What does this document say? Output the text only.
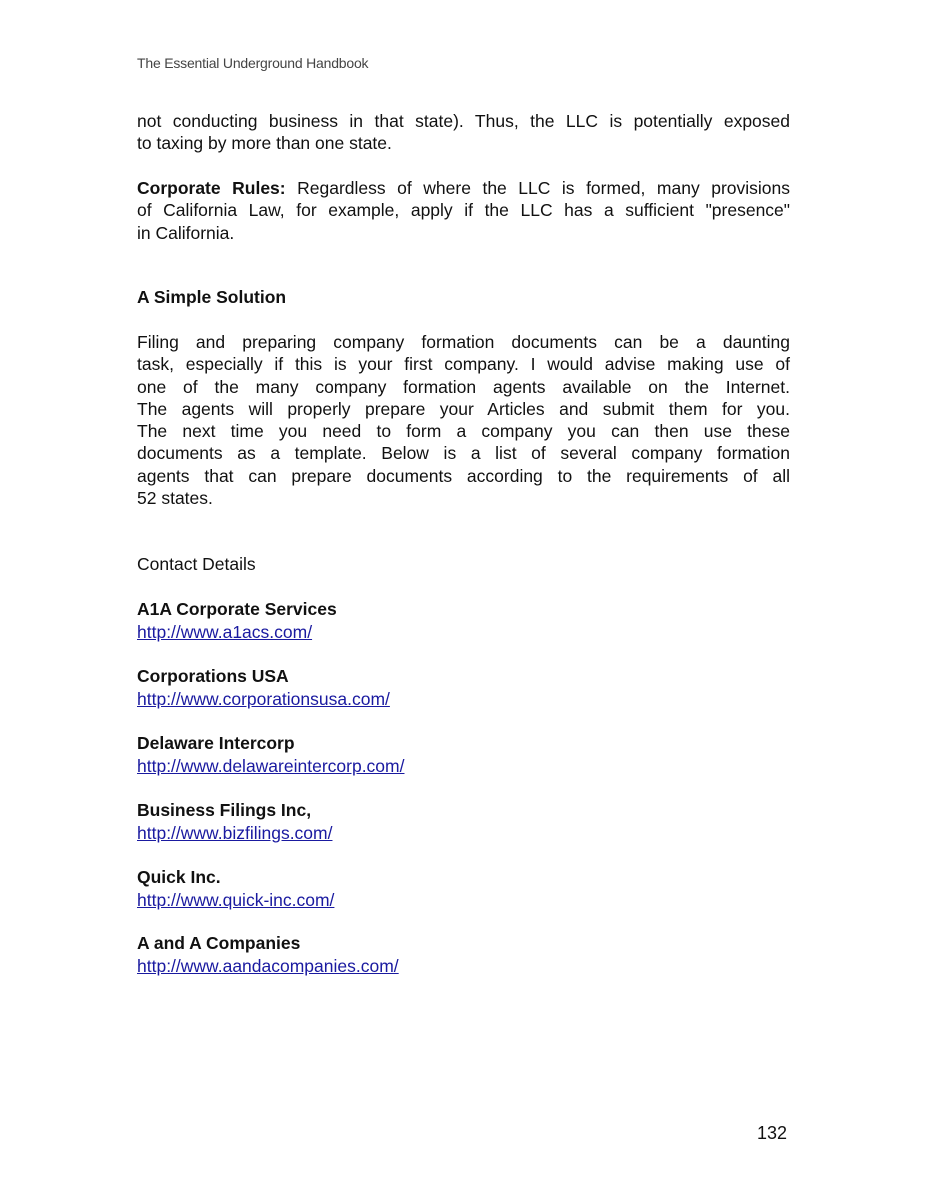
The Essential Underground Handbook
not conducting business in that state). Thus, the LLC is potentially exposed
to taxing by more than one state.
Corporate Rules: Regardless of where the LLC is formed, many provisions
of California Law, for example, apply if the LLC has a sufficient "presence"
in California.
A Simple Solution
Filing and preparing company formation documents can be a daunting
task, especially if this is your first company. I would advise making use of
one of the many company formation agents available on the Internet.
The agents will properly prepare your Articles and submit them for you.
The next time you need to form a company you can then use these
documents as a template. Below is a list of several company formation
agents that can prepare documents according to the requirements of all
52 states.
Contact Details
A1A Corporate Services
http://www.a1acs.com/
Corporations USA
http://www.corporationsusa.com/
Delaware Intercorp
http://www.delawareintercorp.com/
Business Filings Inc,
http://www.bizfilings.com/
Quick Inc.
http://www.quick-inc.com/
A and A Companies
http://www.aandacompanies.com/
132
